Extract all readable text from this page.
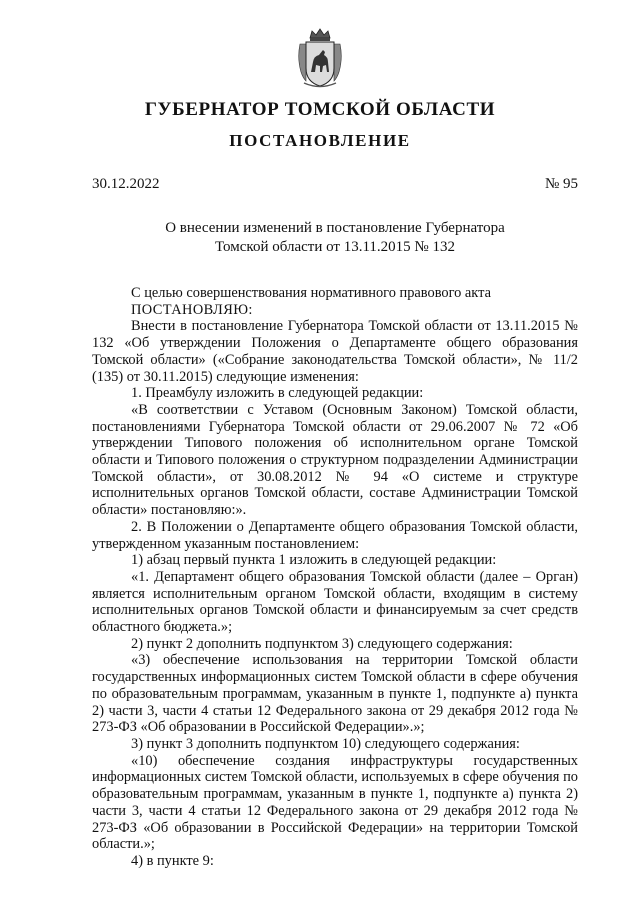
ГУБЕРНАТОР ТОМСКОЙ ОБЛАСТИ
ПОСТАНОВЛЕНИЕ
30.12.2022	№ 95
О внесении изменений в постановление Губернатора
Томской области от 13.11.2015 № 132

С целью совершенствования нормативного правового акта

ПОСТАНОВЛЯЮ:

Внести в постановление Губернатора Томской области от 13.11.2015 № 132 «Об утверждении Положения о Департаменте общего образования Томской области» («Собрание законодательства Томской области», № 11/2 (135) от 30.11.2015) следующие изменения:

1. Преамбулу изложить в следующей редакции:

«В соответствии с Уставом (Основным Законом) Томской области, постановлениями Губернатора Томской области от 29.06.2007 № 72 «Об утверждении Типового положения об исполнительном органе Томской области и Типового положения о структурном подразделении Администрации Томской области», от 30.08.2012 № 94 «О системе и структуре исполнительных органов Томской области, составе Администрации Томской области» постановляю:».

2. В Положении о Департаменте общего образования Томской области, утвержденном указанным постановлением:

1) абзац первый пункта 1 изложить в следующей редакции:

«1. Департамент общего образования Томской области (далее – Орган) является исполнительным органом Томской области, входящим в систему исполнительных органов Томской области и финансируемым за счет средств областного бюджета.»;

2) пункт 2 дополнить подпунктом 3) следующего содержания:

«3) обеспечение использования на территории Томской области государственных информационных систем Томской области в сфере обучения по образовательным программам, указанным в пункте 1, подпункте а) пункта 2) части 3, части 4 статьи 12 Федерального закона от 29 декабря 2012 года № 273-ФЗ «Об образовании в Российской Федерации».»;

3) пункт 3 дополнить подпунктом 10) следующего содержания:

«10) обеспечение создания инфраструктуры государственных информационных систем Томской области, используемых в сфере обучения по образовательным программам, указанным в пункте 1, подпункте а) пункта 2) части 3, части 4 статьи 12 Федерального закона от 29 декабря 2012 года № 273-ФЗ «Об образовании в Российской Федерации» на территории Томской области.»;

4) в пункте 9:
